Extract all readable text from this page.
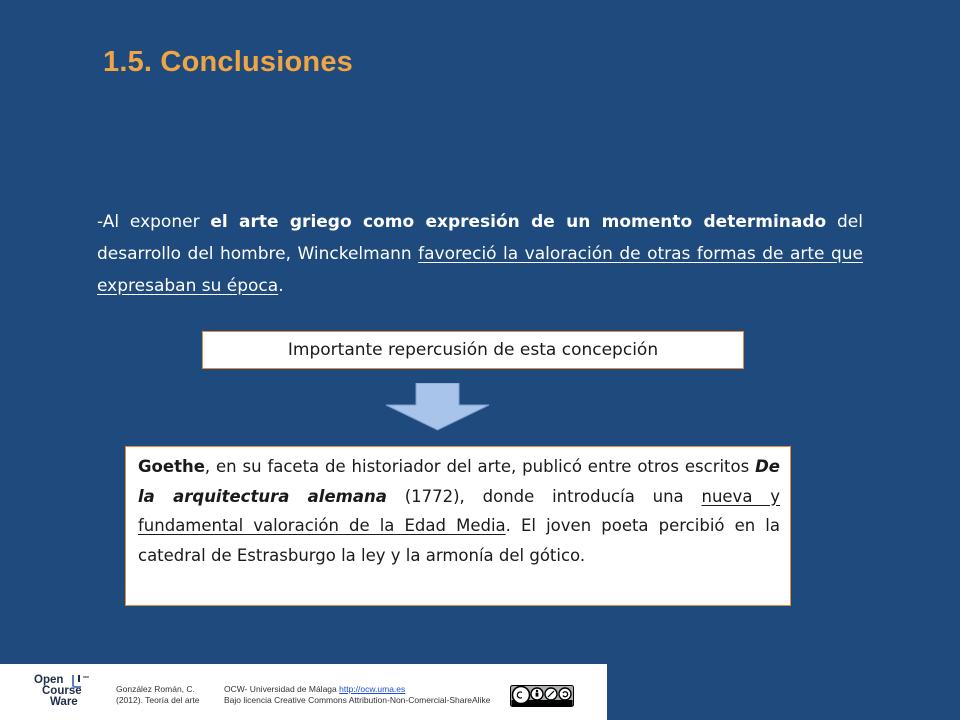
1.5. Conclusiones
-Al exponer el arte griego como expresión de un momento determinado del desarrollo del hombre, Winckelmann favoreció la valoración de otras formas de arte que expresaban su época.
Importante repercusión de esta concepción
Goethe, en su faceta de historiador del arte, publicó entre otros escritos De la arquitectura alemana (1772), donde introducía una nueva y fundamental valoración de la Edad Media. El joven poeta percibió en la catedral de Estrasburgo la ley y la armonía del gótico.
Open
Course
Ware
González Román, C.
(2012). Teoría del arte
OCW- Universidad de Málaga http://ocw.uma.es
Bajo licencia Creative Commons Attribution-Non-Comercial-ShareAlike
